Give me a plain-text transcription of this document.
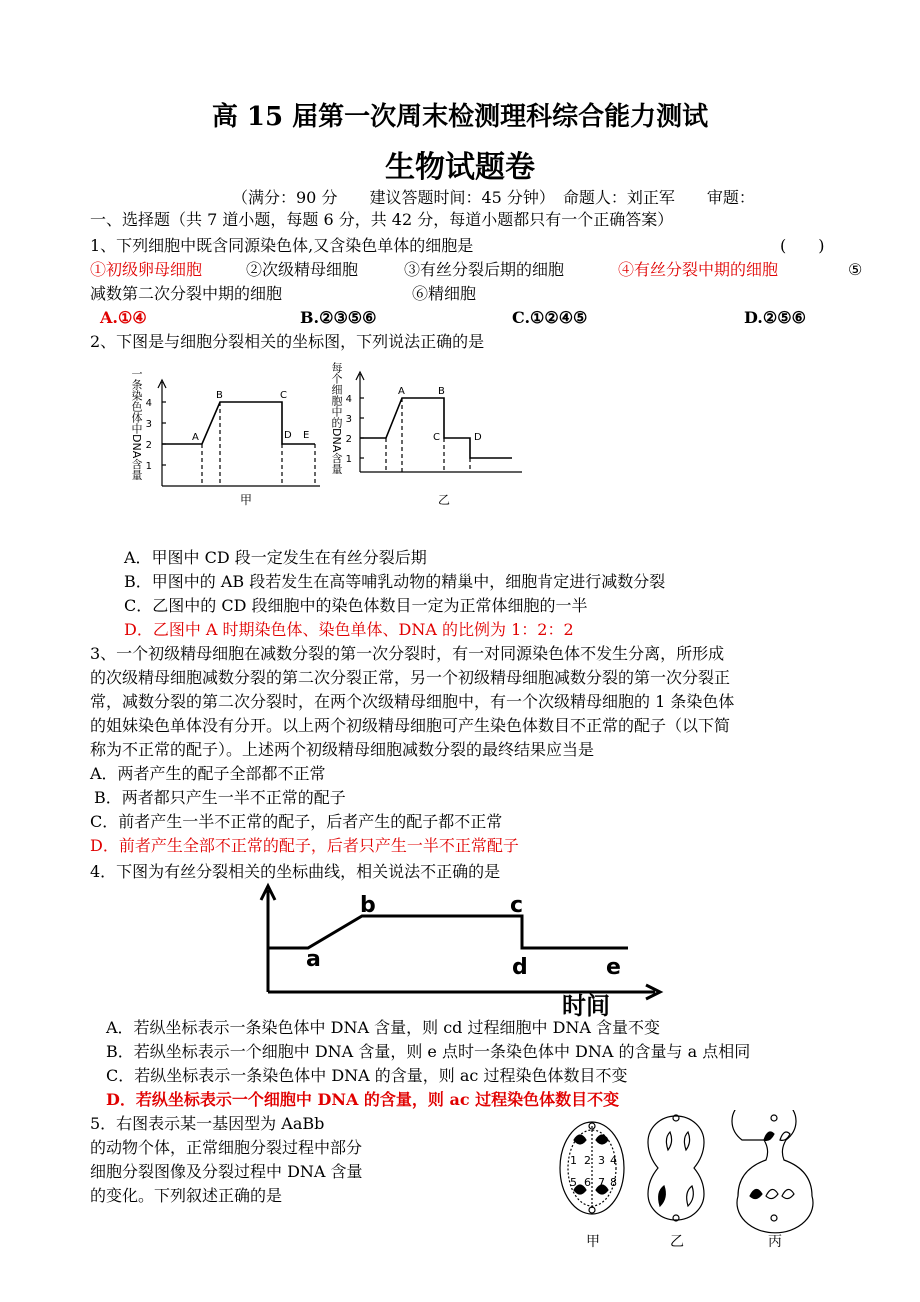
高 15 届第一次周末检测理科综合能力测试
生物试题卷
（满分：90 分　　建议答题时间：45 分钟）　命题人：刘正军　　审题：
一、选择题（共 7 道小题，每题 6 分，共 42 分，每道小题都只有一个正确答案）
1、下列细胞中既含同源染色体,又含染色单体的细胞是	(　　)
①初级卵母细胞	②次级精母细胞	③有丝分裂后期的细胞	④有丝分裂中期的细胞	⑤
减数第二次分裂中期的细胞	⑥精细胞
A.①④	B.②③⑤⑥	C.①②④⑤	D.②⑤⑥
2、下图是与细胞分裂相关的坐标图，下列说法正确的是
4
3
2
1
A
B	C
D E
甲
一条染色体中DNA含量	4
3
2
1
A	B
C	D
乙
每个细胞中的DNA含量
A．甲图中 CD 段一定发生在有丝分裂后期
B．甲图中的 AB 段若发生在高等哺乳动物的精巢中，细胞肯定进行减数分裂
C．乙图中的 CD 段细胞中的染色体数目一定为正常体细胞的一半
D．乙图中 A 时期染色体、染色单体、DNA 的比例为 1：2：2
3、一个初级精母细胞在减数分裂的第一次分裂时，有一对同源染色体不发生分离，所形成
的次级精母细胞减数分裂的第二次分裂正常，另一个初级精母细胞减数分裂的第一次分裂正
常，减数分裂的第二次分裂时，在两个次级精母细胞中，有一个次级精母细胞的 1 条染色体
的姐妹染色单体没有分开。以上两个初级精母细胞可产生染色体数目不正常的配子（以下简
称为不正常的配子）。上述两个初级精母细胞减数分裂的最终结果应当是
A．两者产生的配子全部都不正常
B．两者都只产生一半不正常的配子
C．前者产生一半不正常的配子，后者产生的配子都不正常
D．前者产生全部不正常的配子，后者只产生一半不正常配子
4．下图为有丝分裂相关的坐标曲线，相关说法不正确的是
a
b	c
d	e
时间
A．若纵坐标表示一条染色体中 DNA 含量，则 cd 过程细胞中 DNA 含量不变
B．若纵坐标表示一个细胞中 DNA 含量，则 e 点时一条染色体中 DNA 的含量与 a 点相同
C．若纵坐标表示一条染色体中 DNA 的含量，则 ac 过程染色体数目不变
D．若纵坐标表示一个细胞中 DNA 的含量，则 ac 过程染色体数目不变
5．右图表示某一基因型为 AaBb
的动物个体，正常细胞分裂过程中部分
细胞分裂图像及分裂过程中 DNA 含量
的变化。下列叙述正确的是
1 2 3 4
5 6 7 8
甲	乙	丙
